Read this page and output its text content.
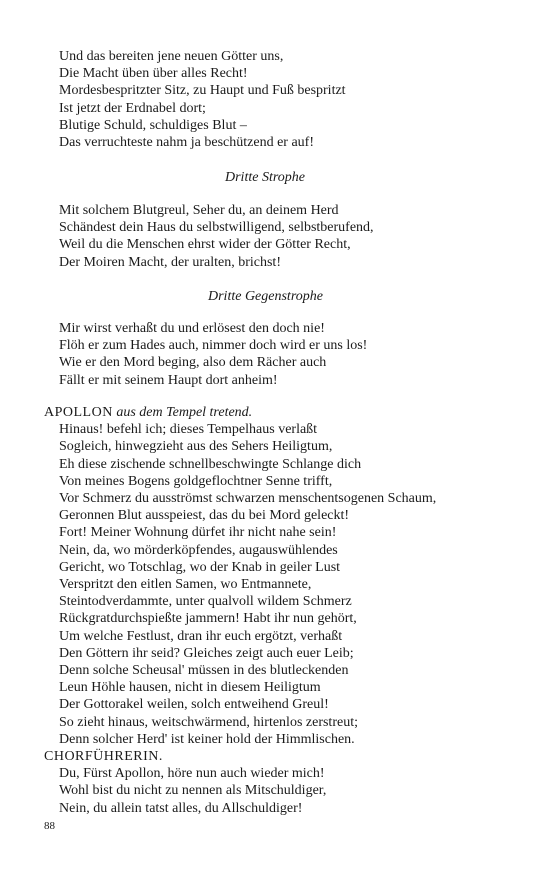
Und das bereiten jene neuen Götter uns,
Die Macht üben über alles Recht!
Mordesbespritzter Sitz, zu Haupt und Fuß bespritzt
Ist jetzt der Erdnabel dort;
Blutige Schuld, schuldiges Blut –
Das verruchteste nahm ja beschützend er auf!
Dritte Strophe
Mit solchem Blutgreul, Seher du, an deinem Herd
Schändest dein Haus du selbstwilligend, selbstberufend,
Weil du die Menschen ehrst wider der Götter Recht,
Der Moiren Macht, der uralten, brichst!
Dritte Gegenstrophe
Mir wirst verhaßt du und erlösest den doch nie!
Flöh er zum Hades auch, nimmer doch wird er uns los!
Wie er den Mord beging, also dem Rächer auch
Fällt er mit seinem Haupt dort anheim!
APOLLON aus dem Tempel tretend.
Hinaus! befehl ich; dieses Tempelhaus verlaßt
Sogleich, hinwegzieht aus des Sehers Heiligtum,
Eh diese zischende schnellbeschwingte Schlange dich
Von meines Bogens goldgeflochtner Senne trifft,
Vor Schmerz du ausströmst schwarzen menschentsogenen Schaum,
Geronnen Blut ausspeiest, das du bei Mord geleckt!
Fort! Meiner Wohnung dürfet ihr nicht nahe sein!
Nein, da, wo mörderköpfendes, augauswühlendes
Gericht, wo Totschlag, wo der Knab in geiler Lust
Verspritzt den eitlen Samen, wo Entmannete,
Steintodverdammte, unter qualvoll wildem Schmerz
Rückgratdurchspießte jammern! Habt ihr nun gehört,
Um welche Festlust, dran ihr euch ergötzt, verhaßt
Den Göttern ihr seid? Gleiches zeigt auch euer Leib;
Denn solche Scheusal' müssen in des blutleckenden
Leun Höhle hausen, nicht in diesem Heiligtum
Der Gottorakel weilen, solch entweihend Greul!
So zieht hinaus, weitschwärmend, hirtenlos zerstreut;
Denn solcher Herd' ist keiner hold der Himmlischen.
CHORFÜHRERIN.
Du, Fürst Apollon, höre nun auch wieder mich!
Wohl bist du nicht zu nennen als Mitschuldiger,
Nein, du allein tatst alles, du Allschuldiger!
88
